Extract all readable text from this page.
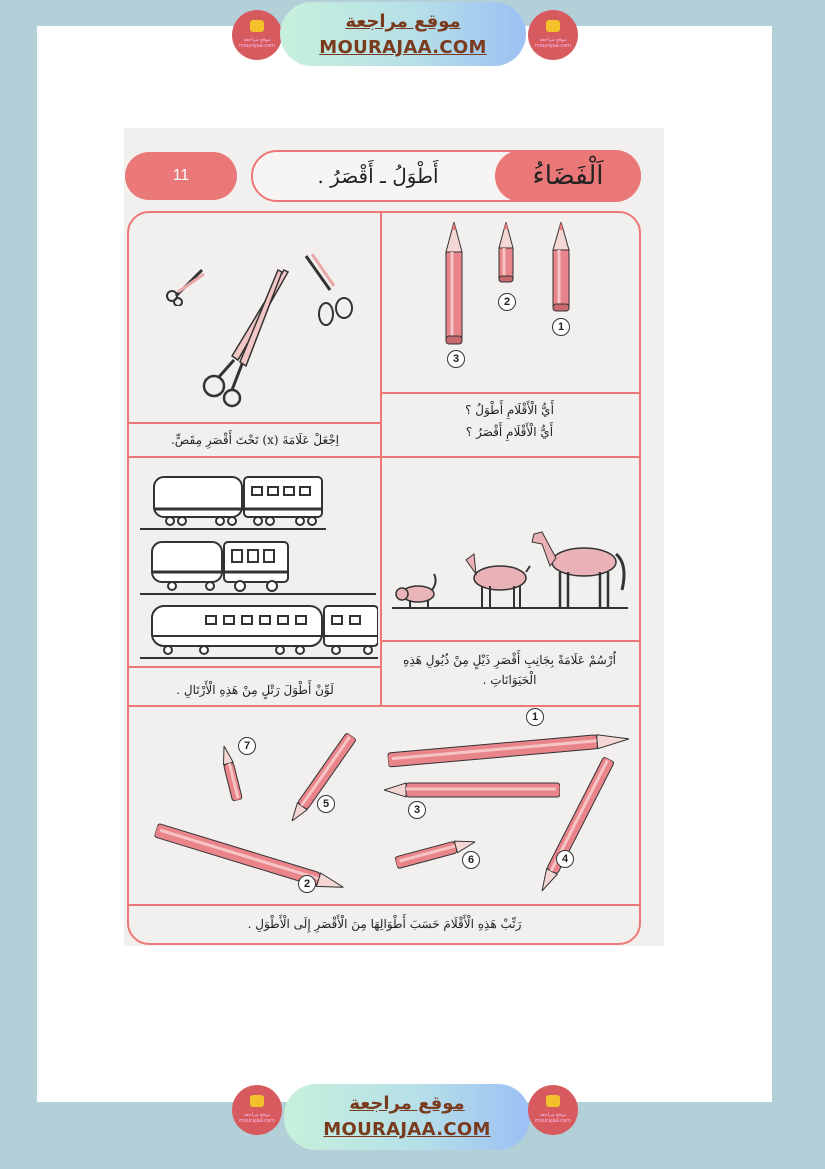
موقع مراجعة mourajaa.com
موقع مراجعة
MOURAJAA.COM	موقع مراجعة mourajaa.com
11	أَطْوَلُ ـ أَقْصَرُ .	اَلْفَضَاءُ
3
2
1
أَيُّ الْأَقْلَامِ أَطْوَلُ ؟
أَيُّ الْأَقْلَامِ أَقْصَرُ ؟
اِجْعَلْ عَلَامَةَ (x) تَحْتَ أَقْصَرِ مِقَصٍّ.
لَوِّنْ أَطْوَلَ رَتْلٍ مِنْ هَذِهِ الْأَرْتَالِ .
اُرْسُمْ عَلَامَةً بِجَانِبِ أَقْصَرِ ذَيْلٍ مِنْ ذُيُولِ هَذِهِ الْحَيَوَانَاتِ .
1
2
3
4
5
6
7
رَتِّبْ هَذِهِ الْأَقْلَامَ حَسَبَ أَطْوَالِهَا مِنَ الْأَقْصَرِ إِلَى الْأَطْوَلِ .
موقع مراجعة mourajaa.com
موقع مراجعة
MOURAJAA.COM
موقع مراجعة mourajaa.com
